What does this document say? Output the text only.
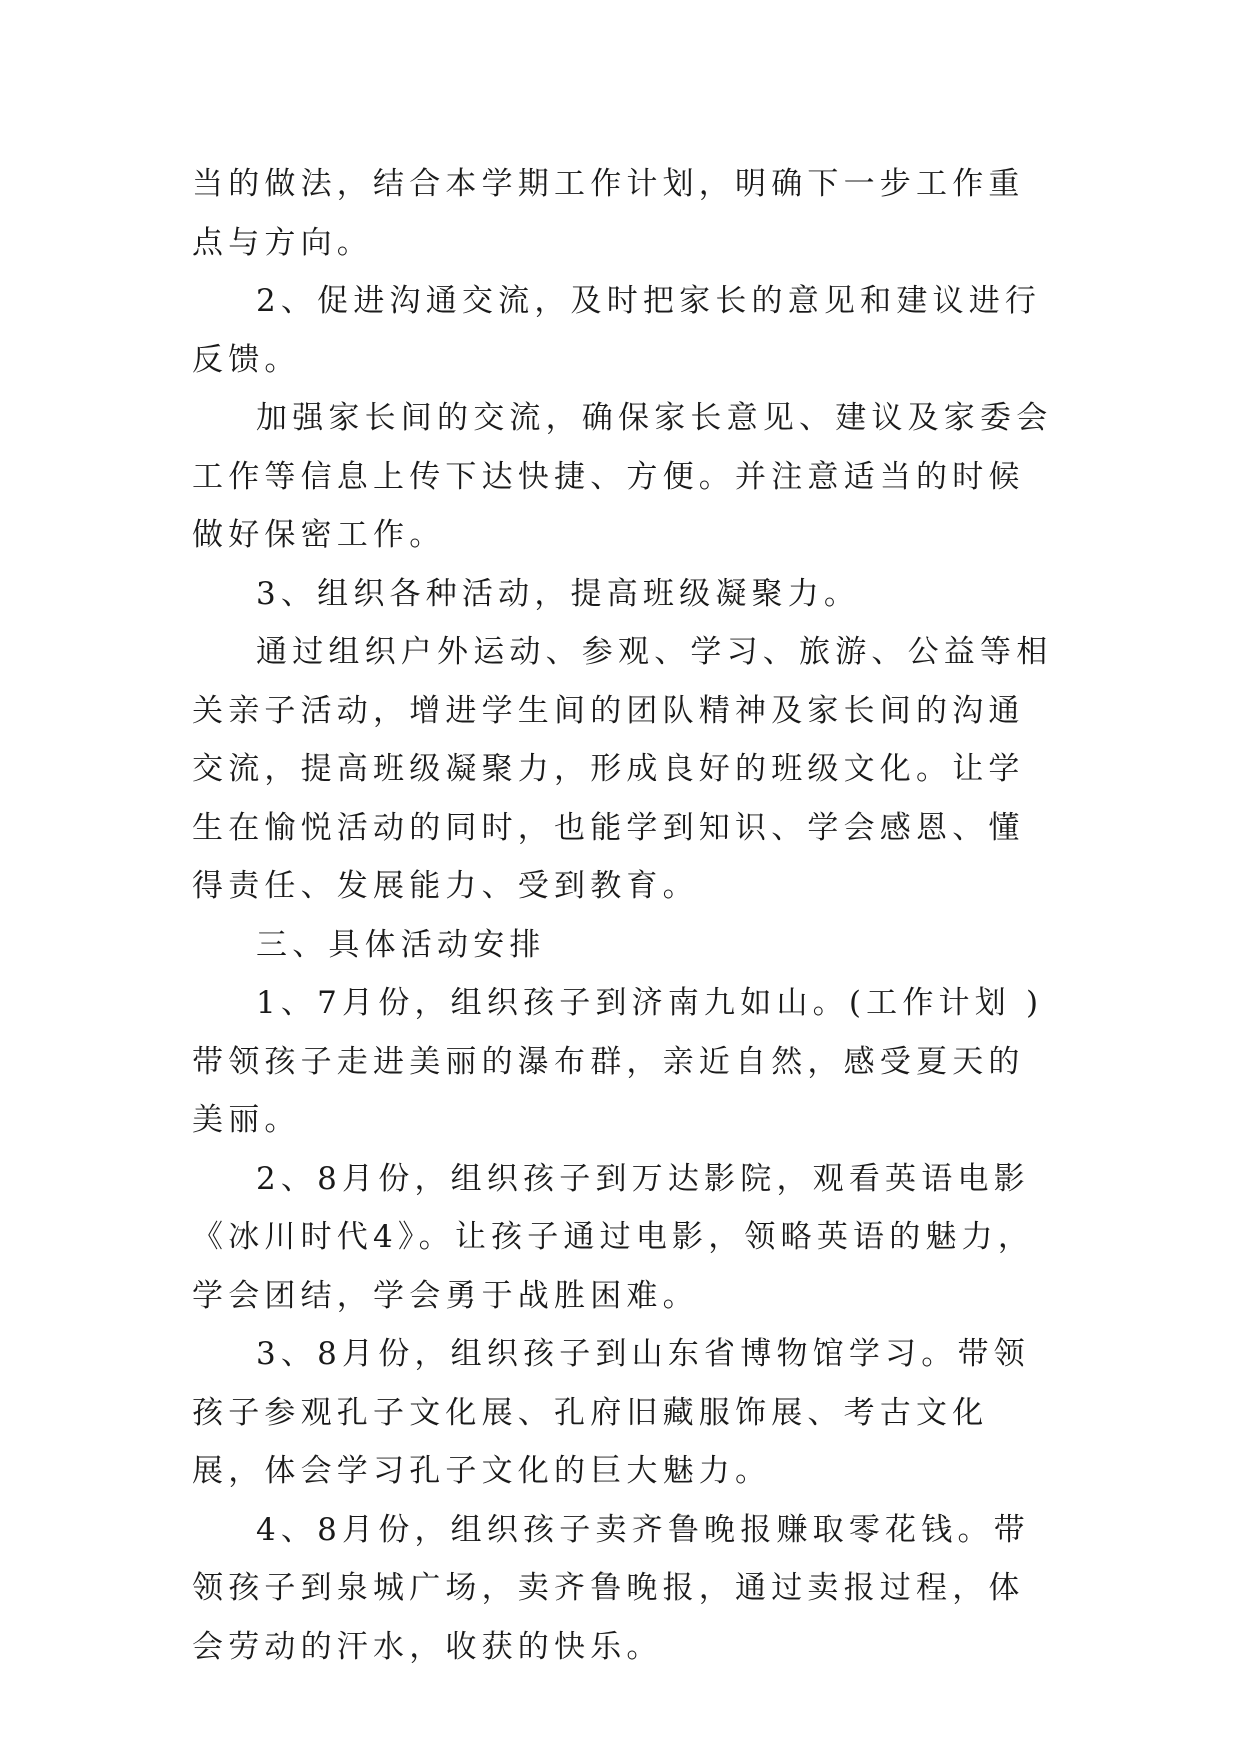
当的做法，结合本学期工作计划，明确下一步工作重点与方向。

2、促进沟通交流，及时把家长的意见和建议进行反馈。

加强家长间的交流，确保家长意见、建议及家委会工作等信息上传下达快捷、方便。并注意适当的时候做好保密工作。

3、组织各种活动，提高班级凝聚力。

通过组织户外运动、参观、学习、旅游、公益等相关亲子活动，增进学生间的团队精神及家长间的沟通交流，提高班级凝聚力，形成良好的班级文化。让学生在愉悦活动的同时，也能学到知识、学会感恩、懂得责任、发展能力、受到教育。

三、具体活动安排

1、7月份，组织孩子到济南九如山。(工作计划 )带领孩子走进美丽的瀑布群，亲近自然，感受夏天的美丽。

2、8月份，组织孩子到万达影院，观看英语电影《冰川时代4》。让孩子通过电影，领略英语的魅力，学会团结，学会勇于战胜困难。

3、8月份，组织孩子到山东省博物馆学习。带领孩子参观孔子文化展、孔府旧藏服饰展、考古文化展，体会学习孔子文化的巨大魅力。

4、8月份，组织孩子卖齐鲁晚报赚取零花钱。带领孩子到泉城广场，卖齐鲁晚报，通过卖报过程，体会劳动的汗水，收获的快乐。
